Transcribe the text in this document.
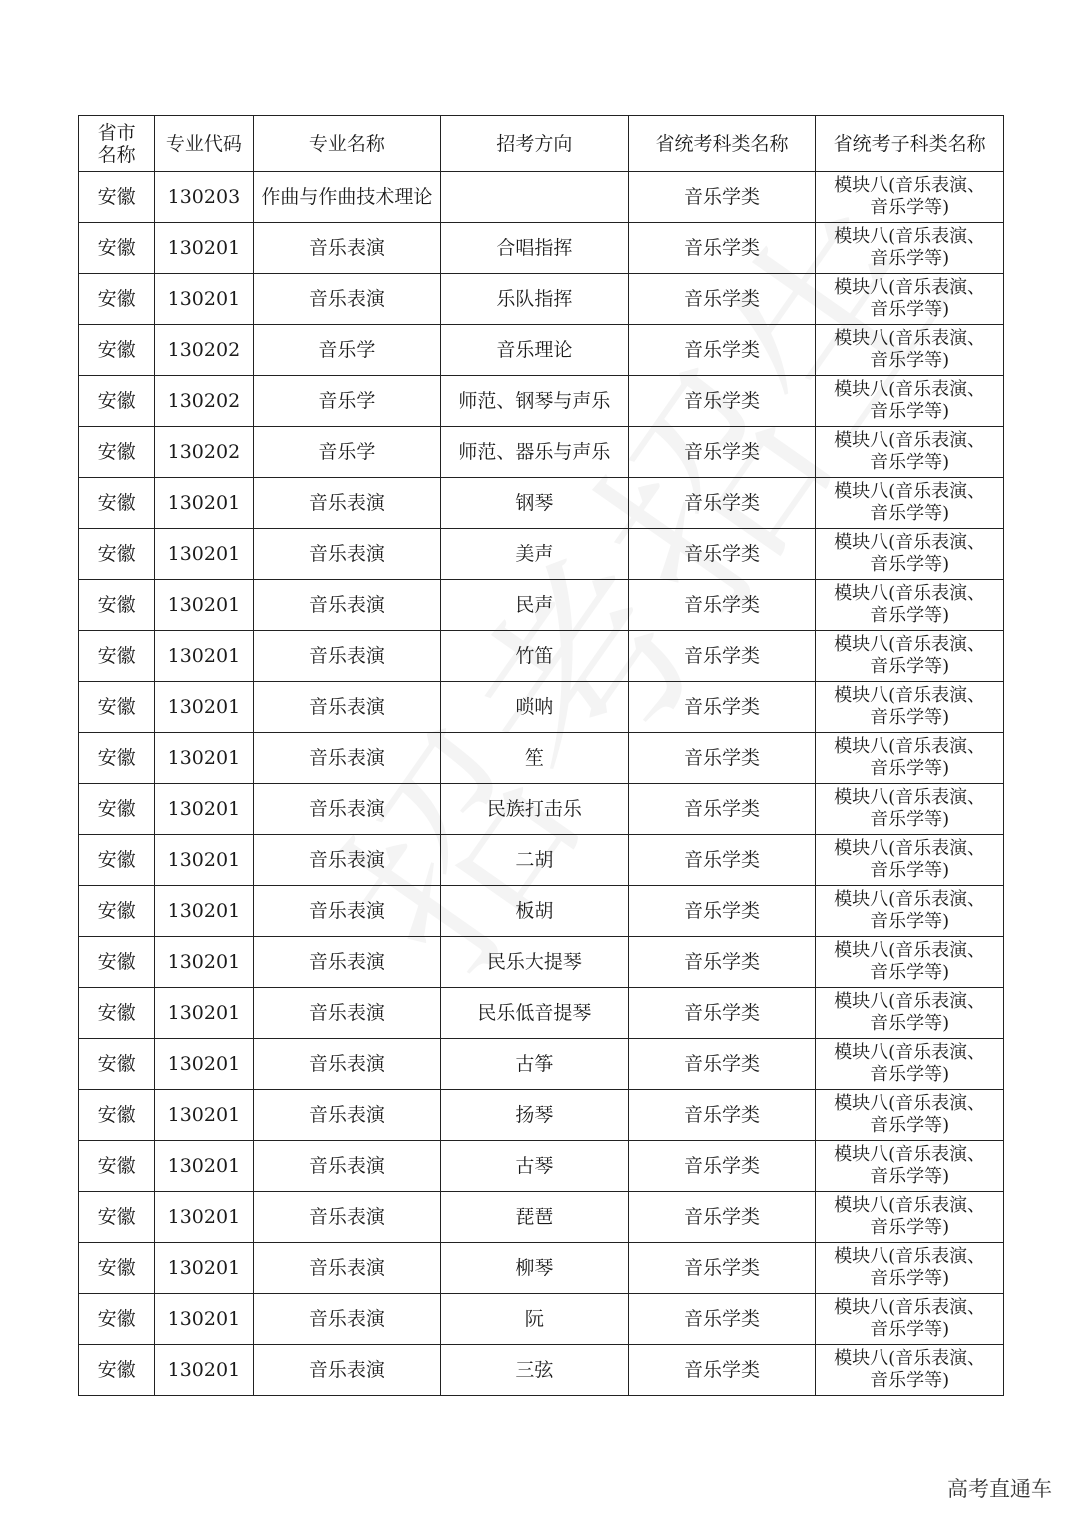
省市
名称	专业代码	专业名称	招考方向	省统考科类名称	省统考子科类名称
安徽	130203	作曲与作曲技术理论		音乐学类	模块八(音乐表演、
音乐学等)
安徽	130201	音乐表演	合唱指挥	音乐学类	模块八(音乐表演、
音乐学等)
安徽	130201	音乐表演	乐队指挥	音乐学类	模块八(音乐表演、
音乐学等)
安徽	130202	音乐学	音乐理论	音乐学类	模块八(音乐表演、
音乐学等)
安徽	130202	音乐学	师范、钢琴与声乐	音乐学类	模块八(音乐表演、
音乐学等)
安徽	130202	音乐学	师范、器乐与声乐	音乐学类	模块八(音乐表演、
音乐学等)
安徽	130201	音乐表演	钢琴	音乐学类	模块八(音乐表演、
音乐学等)
安徽	130201	音乐表演	美声	音乐学类	模块八(音乐表演、
音乐学等)
安徽	130201	音乐表演	民声	音乐学类	模块八(音乐表演、
音乐学等)
安徽	130201	音乐表演	竹笛	音乐学类	模块八(音乐表演、
音乐学等)
安徽	130201	音乐表演	唢呐	音乐学类	模块八(音乐表演、
音乐学等)
安徽	130201	音乐表演	笙	音乐学类	模块八(音乐表演、
音乐学等)
安徽	130201	音乐表演	民族打击乐	音乐学类	模块八(音乐表演、
音乐学等)
安徽	130201	音乐表演	二胡	音乐学类	模块八(音乐表演、
音乐学等)
安徽	130201	音乐表演	板胡	音乐学类	模块八(音乐表演、
音乐学等)
安徽	130201	音乐表演	民乐大提琴	音乐学类	模块八(音乐表演、
音乐学等)
安徽	130201	音乐表演	民乐低音提琴	音乐学类	模块八(音乐表演、
音乐学等)
安徽	130201	音乐表演	古筝	音乐学类	模块八(音乐表演、
音乐学等)
安徽	130201	音乐表演	扬琴	音乐学类	模块八(音乐表演、
音乐学等)
安徽	130201	音乐表演	古琴	音乐学类	模块八(音乐表演、
音乐学等)
安徽	130201	音乐表演	琵琶	音乐学类	模块八(音乐表演、
音乐学等)
安徽	130201	音乐表演	柳琴	音乐学类	模块八(音乐表演、
音乐学等)
安徽	130201	音乐表演	阮	音乐学类	模块八(音乐表演、
音乐学等)
安徽	130201	音乐表演	三弦	音乐学类	模块八(音乐表演、
音乐学等)
高考直通车
